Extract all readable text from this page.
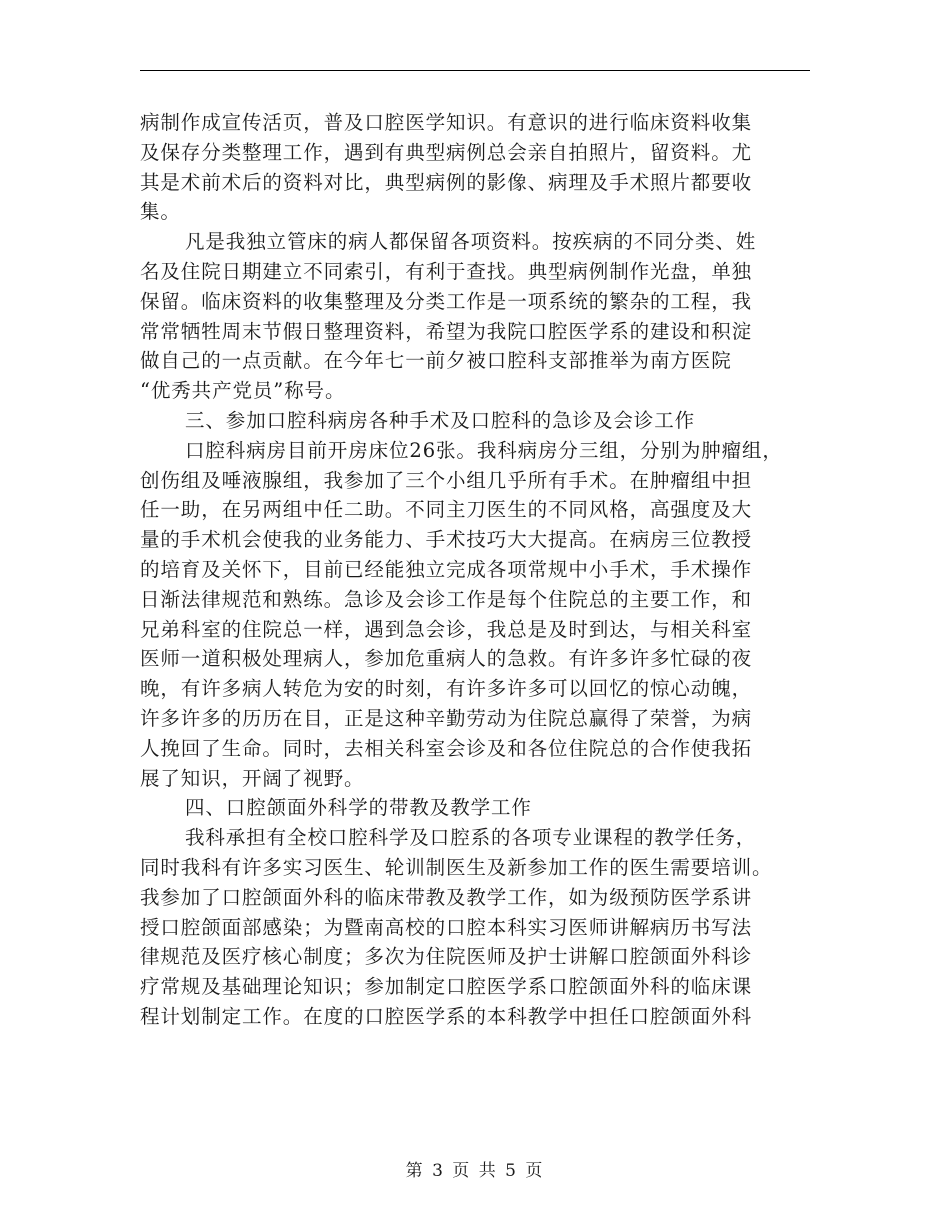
病制作成宣传活页，普及口腔医学知识。有意识的进行临床资料收集
及保存分类整理工作，遇到有典型病例总会亲自拍照片，留资料。尤
其是术前术后的资料对比，典型病例的影像、病理及手术照片都要收
集。
凡是我独立管床的病人都保留各项资料。按疾病的不同分类、姓
名及住院日期建立不同索引，有利于查找。典型病例制作光盘，单独
保留。临床资料的收集整理及分类工作是一项系统的繁杂的工程，我
常常牺牲周末节假日整理资料，希望为我院口腔医学系的建设和积淀
做自己的一点贡献。在今年七一前夕被口腔科支部推举为南方医院
“优秀共产党员”称号。
三、参加口腔科病房各种手术及口腔科的急诊及会诊工作
口腔科病房目前开房床位26张。我科病房分三组，分别为肿瘤组，
创伤组及唾液腺组，我参加了三个小组几乎所有手术。在肿瘤组中担
任一助，在另两组中任二助。不同主刀医生的不同风格，高强度及大
量的手术机会使我的业务能力、手术技巧大大提高。在病房三位教授
的培育及关怀下，目前已经能独立完成各项常规中小手术，手术操作
日渐法律规范和熟练。急诊及会诊工作是每个住院总的主要工作，和
兄弟科室的住院总一样，遇到急会诊，我总是及时到达，与相关科室
医师一道积极处理病人，参加危重病人的急救。有许多许多忙碌的夜
晚，有许多病人转危为安的时刻，有许多许多可以回忆的惊心动魄，
许多许多的历历在目，正是这种辛勤劳动为住院总赢得了荣誉，为病
人挽回了生命。同时，去相关科室会诊及和各位住院总的合作使我拓
展了知识，开阔了视野。
四、口腔颌面外科学的带教及教学工作
我科承担有全校口腔科学及口腔系的各项专业课程的教学任务，
同时我科有许多实习医生、轮训制医生及新参加工作的医生需要培训。
我参加了口腔颌面外科的临床带教及教学工作，如为级预防医学系讲
授口腔颌面部感染；为暨南高校的口腔本科实习医师讲解病历书写法
律规范及医疗核心制度；多次为住院医师及护士讲解口腔颌面外科诊
疗常规及基础理论知识；参加制定口腔医学系口腔颌面外科的临床课
程计划制定工作。在度的口腔医学系的本科教学中担任口腔颌面外科
第 3 页 共 5 页
